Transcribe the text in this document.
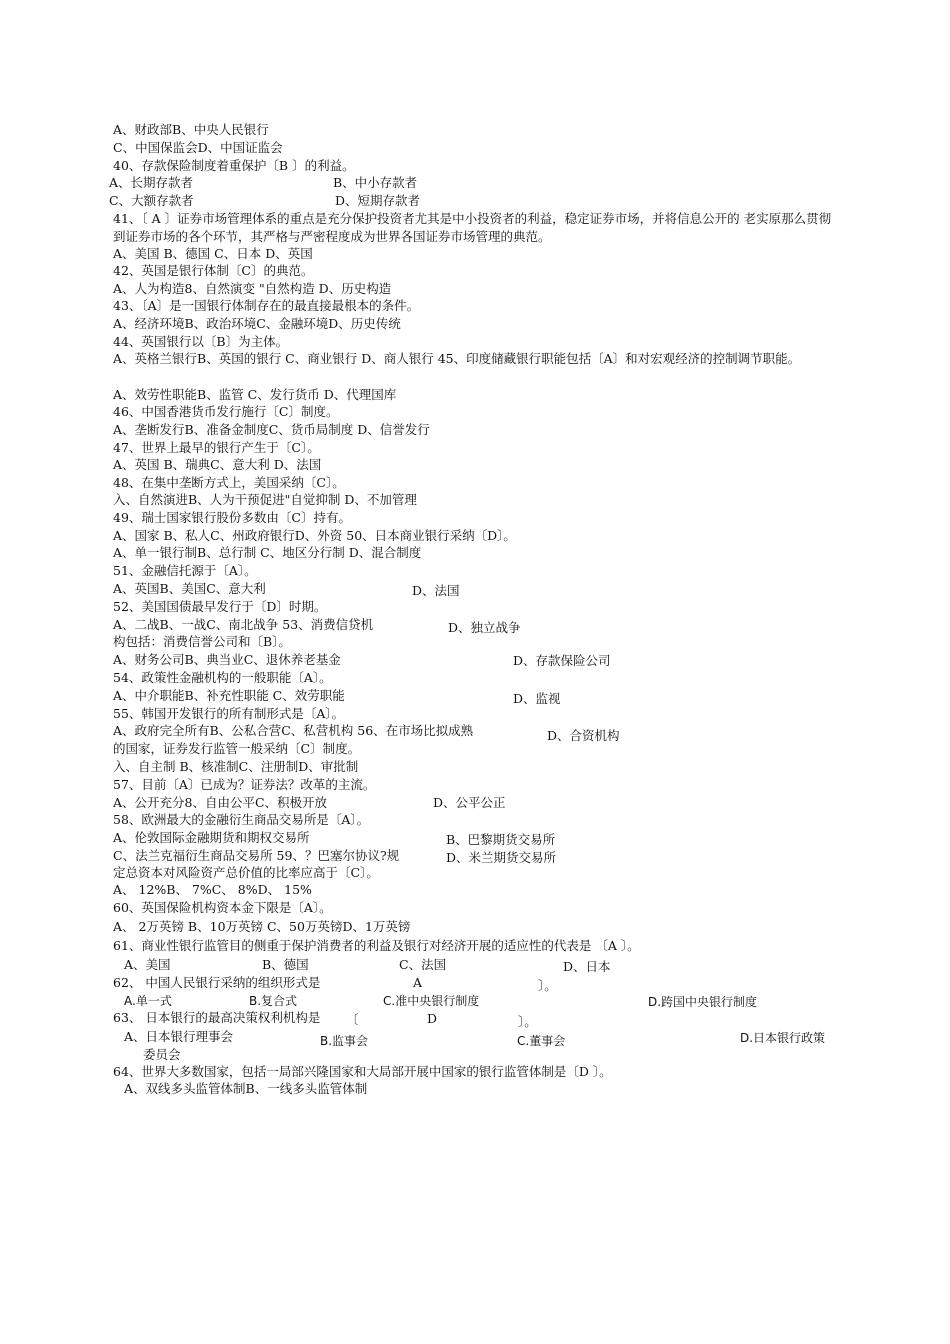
A、财政部B、中央人民银行
C、中国保监会D、中国证监会
40、存款保险制度着重保护〔B 〕的利益。
A、长期存款者	B、中小存款者
C、大额存款者	D、短期存款者
41、〔 A 〕证券市场管理体系的重点是充分保护投资者尤其是中小投资者的利益，稳定证券市场，并将信息公开的 老实原那么贯彻到证券市场的各个环节，其严格与严密程度成为世界各国证券市场管理的典范。
A、美国 B、德国 C、日本 D、英国
42、英国是银行体制〔C〕的典范。
A、人为构造8、自然演变 "自然构造 D、历史构造
43、〔A〕是一国银行体制存在的最直接最根本的条件。
A、经济环境B、政治环境C、金融环境D、历史传统
44、英国银行以〔B〕为主体。
A、英格兰银行B、英国的银行 C、商业银行 D、商人银行 45、印度储藏银行职能包括〔A〕和对宏观经济的控制调节职能。
A、效劳性职能B、监管 C、发行货币 D、代理国库
46、中国香港货币发行施行〔C〕制度。
A、垄断发行B、准备金制度C、货币局制度 D、信誉发行
47、世界上最早的银行产生于〔C〕。
A、英国 B、瑞典C、意大利 D、法国
48、在集中垄断方式上，美国采纳〔C〕。
入、自然演进B、人为干预促进"自觉抑制 D、不加管理
49、瑞士国家银行股份多数由〔C〕持有。
A、国家 B、私人C、州政府银行D、外资 50、日本商业银行采纳〔D〕。
A、单一银行制B、总行制 C、地区分行制 D、混合制度
51、金融信托源于〔A〕。
A、英国B、美国C、意大利	D、法国
52、美国国债最早发行于〔D〕时期。
A、二战B、一战C、南北战争 53、消费信贷机	D、独立战争
构包括：消费信誉公司和〔B〕。
A、财务公司B、典当业C、退休养老基金	D、存款保险公司
54、政策性金融机构的一般职能〔A〕。
A、中介职能B、补充性职能 C、效劳职能	D、监视
55、韩国开发银行的所有制形式是〔A〕。
A、政府完全所有B、公私合营C、私营机构 56、在市场比拟成熟	D、合资机构
的国家，证券发行监管一般采纳〔C〕制度。
入、自主制 B、核准制C、注册制D、审批制
57、目前〔A〕已成为？证券法？改革的主流。
A、公开充分8、自由公平C、积极开放	D、公平公正
58、欧洲最大的金融衍生商品交易所是〔A〕。
A、伦敦国际金融期货和期权交易所	B、巴黎期货交易所
C、法兰克福衍生商品交易所 59、？巴塞尔协议?规	D、米兰期货交易所
定总资本对风险资产总价值的比率应高于〔C〕。
A、 12%B、 7%C、 8%D、 15%
60、英国保险机构资本金下限是〔A〕。
A、 2万英镑 B、10万英镑 C、50万英镑D、1万英镑
61、商业性银行监管目的侧重于保护消费者的利益及银行对经济开展的适应性的代表是 〔A 〕。
A、美国	B、德国	C、法国	D、日本
62、 中国人民银行采纳的组织形式是	A	〕。
A.单一式	B.复合式	C.准中央银行制度	D.跨国中央银行制度
63、 日本银行的最高决策权利机构是 〔	D	〕。
A、日本银行理事会	B.监事会	C.董事会	D.日本银行政策
委员会
64、世界大多数国家，包括一局部兴隆国家和大局部开展中国家的银行监管体制是〔D 〕。
A、双线多头监管体制B、一线多头监管体制
